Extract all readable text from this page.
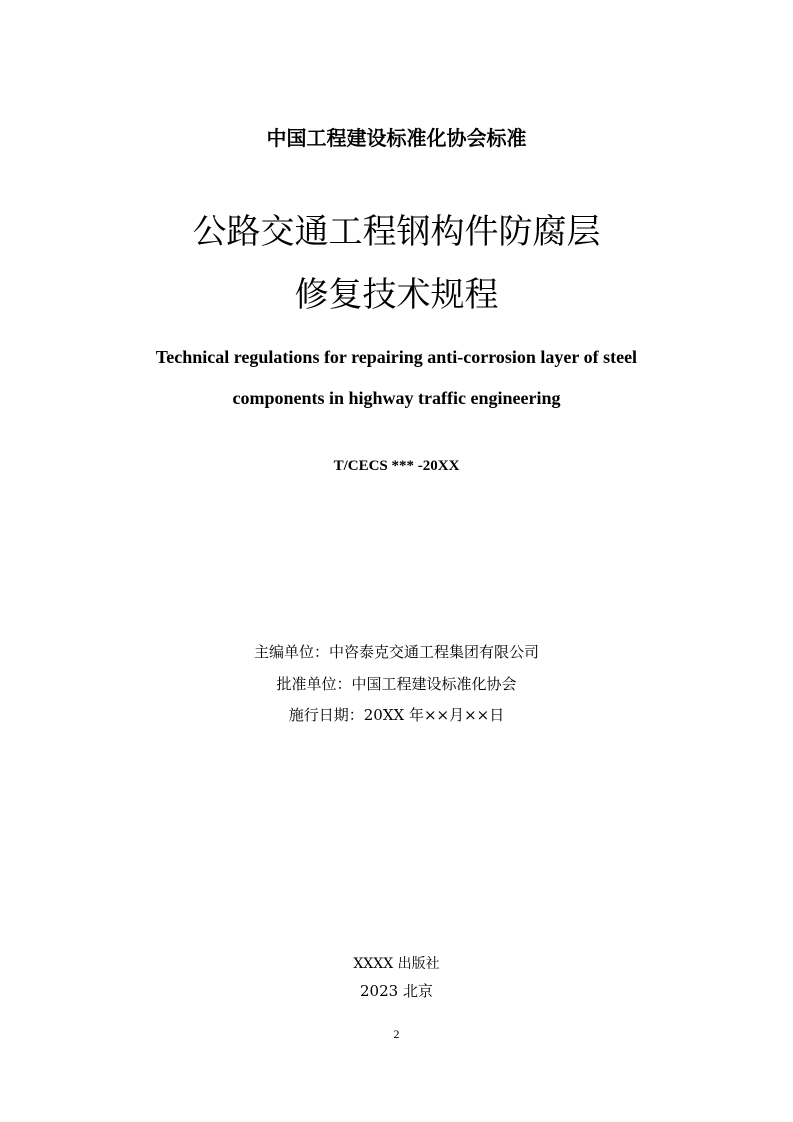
中国工程建设标准化协会标准
公路交通工程钢构件防腐层
修复技术规程
Technical regulations for repairing anti-corrosion layer of steel
components in highway traffic engineering
T/CECS *** -20XX
主编单位：中咨泰克交通工程集团有限公司
批准单位：中国工程建设标准化协会
施行日期：20XX 年××月××日
XXXX 出版社
2023 北京
2
